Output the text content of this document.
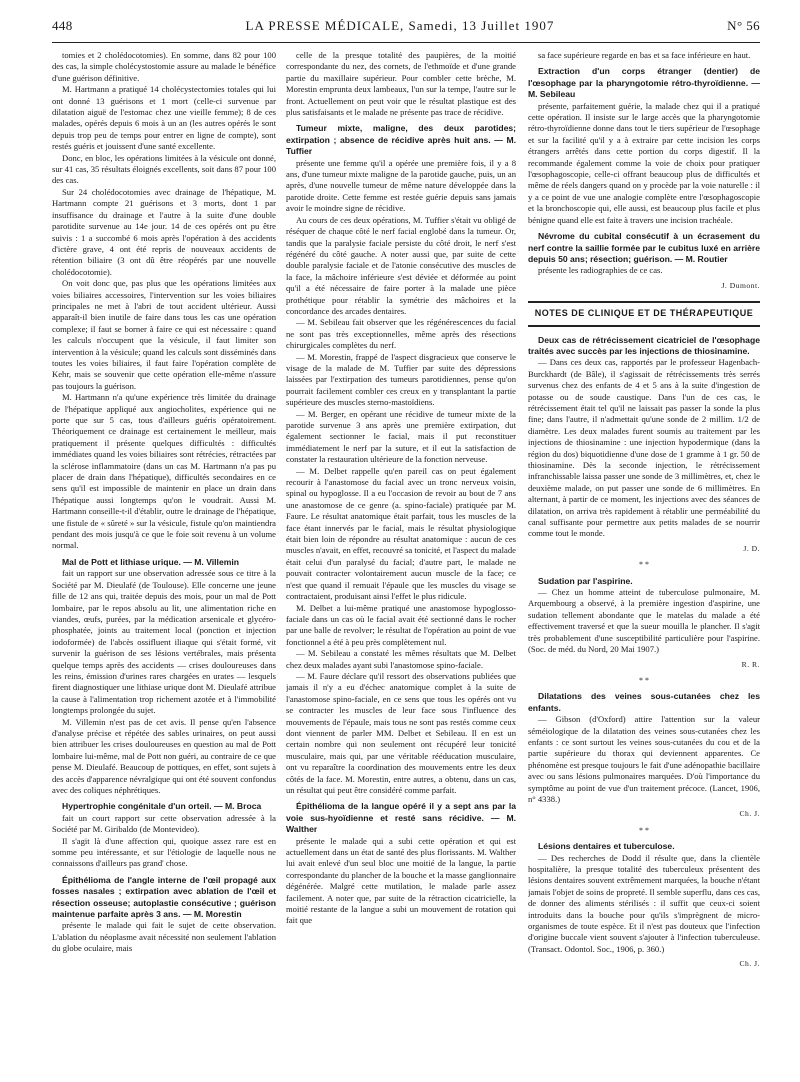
448	LA PRESSE MÉDICALE, Samedi, 13 Juillet 1907	N° 56

tomies et 2 cholédocotomies). En somme, dans 82 pour 100 des cas, la simple cholécystostomie assure au malade le bénéfice d'une guérison définitive.

M. Hartmann a pratiqué 14 cholécystectomies totales qui lui ont donné 13 guérisons et 1 mort (celle-ci survenue par dilatation aiguë de l'estomac chez une vieille femme); 8 de ces malades, opérés depuis 6 mois à un an (les autres opérés le sont depuis trop peu de temps pour entrer en ligne de compte), sont restés guéris et jouissent d'une santé excellente.

Donc, en bloc, les opérations limitées à la vésicule ont donné, sur 41 cas, 35 résultats éloignés excellents, soit dans 87 pour 100 des cas.

Sur 24 cholédocotomies avec drainage de l'hépatique, M. Hartmann compte 21 guérisons et 3 morts, dont 1 par insuffisance du drainage et l'autre à la suite d'une double parotidite survenue au 14e jour. 14 de ces opérés ont pu être suivis : 1 a succombé 6 mois après l'opération à des accidents d'ictère grave, 4 ont été repris de nouveaux accidents de rétention biliaire (3 ont dû être réopérés par une nouvelle cholédocotomie).

On voit donc que, pas plus que les opérations limitées aux voies biliaires accessoires, l'intervention sur les voies biliaires principales ne met à l'abri de tout accident ultérieur. Aussi apparaît-il bien inutile de faire dans tous les cas une opération complexe; il faut se borner à faire ce qui est nécessaire : quand les calculs n'occupent que la vésicule, il faut limiter son intervention à la vésicule; quand les calculs sont disséminés dans toutes les voies biliaires, il faut faire l'opération complète de Kehr, mais se souvenir que cette opération elle-même n'assure pas toujours la guérison.

M. Hartmann n'a qu'une expérience très limitée du drainage de l'hépatique appliqué aux angiocholites, expérience qui ne porte que sur 5 cas, tous d'ailleurs guéris opératoirement. Théoriquement ce drainage est certainement le meilleur, mais pratiquement il présente quelques difficultés : difficultés immédiates quand les voies biliaires sont rétrécies, rétractées par la sclérose inflammatoire (dans un cas M. Hartmann n'a pas pu placer de drain dans l'hépatique), difficultés secondaires en ce sens qu'il est impossible de maintenir en place un drain dans l'hépatique aussi longtemps qu'on le voudrait. Aussi M. Hartmann conseille-t-il d'établir, outre le drainage de l'hépatique, une fistule de « sûreté » sur la vésicule, fistule qu'on maintiendra pendant des mois jusqu'à ce que le foie soit revenu à un volume normal.

Mal de Pott et lithiase urique. — M. Villemin

fait un rapport sur une observation adressée sous ce titre à la Société par M. Dieulafé (de Toulouse). Elle concerne une jeune fille de 12 ans qui, traitée depuis des mois, pour un mal de Pott lombaire, par le repos absolu au lit, une alimentation riche en viandes, œufs, purées, par la médication arsenicale et glycéro-phosphatée, joints au traitement local (ponction et injection iodoformée) de l'abcès ossifluent iliaque qui s'était formé, vit survenir la guérison de ses lésions vertébrales, mais présenta quelque temps après des accidents — crises douloureuses dans les reins, émission d'urines rares chargées en urates — lesquels firent diagnostiquer une lithiase urique dont M. Dieulafé attribue la cause à l'alimentation trop richement azotée et à l'immobilité longtemps prolongée du sujet.

M. Villemin n'est pas de cet avis. Il pense qu'en l'absence d'analyse précise et répétée des sables urinaires, on peut aussi bien attribuer les crises douloureuses en question au mal de Pott lombaire lui-même, mal de Pott non guéri, au contraire de ce que pense M. Dieulafé. Beaucoup de pottiques, en effet, sont sujets à des accès d'apparence névralgique qui ont été souvent confondus avec des coliques néphrétiques.

Hypertrophie congénitale d'un orteil. — M. Broca

fait un court rapport sur cette observation adressée à la Société par M. Giribaldo (de Montevideo).

Il s'agit là d'une affection qui, quoique assez rare est en somme peu intéressante, et sur l'étiologie de laquelle nous ne connaissons d'ailleurs pas grand' chose.

Épithélioma de l'angle interne de l'œil propagé aux fosses nasales ; extirpation avec ablation de l'œil et résection osseuse; autoplastie consécutive ; guérison maintenue parfaite après 3 ans. — M. Morestin

présente le malade qui fait le sujet de cette observation. L'ablation du néoplasme avait nécessité non seulement l'ablation du globe oculaire, mais

celle de la presque totalité des paupières, de la moitié correspondante du nez, des cornets, de l'ethmoïde et d'une grande partie du maxillaire supérieur. Pour combler cette brèche, M. Morestin emprunta deux lambeaux, l'un sur la tempe, l'autre sur le front. Actuellement on peut voir que le résultat plastique est des plus satisfaisants et le malade ne présente pas trace de récidive.

Tumeur mixte, maligne, des deux parotides; extirpation ; absence de récidive après huit ans. — M. Tuffier

présente une femme qu'il a opérée une première fois, il y a 8 ans, d'une tumeur mixte maligne de la parotide gauche, puis, un an après, d'une nouvelle tumeur de même nature développée dans la parotide droite. Cette femme est restée guérie depuis sans jamais avoir le moindre signe de récidive.

Au cours de ces deux opérations, M. Tuffier s'était vu obligé de réséquer de chaque côté le nerf facial englobé dans la tumeur. Or, tandis que la paralysie faciale persiste du côté droit, le nerf s'est régénéré du côté gauche. A noter aussi que, par suite de cette double paralysie faciale et de l'atonie consécutive des muscles de la face, la mâchoire inférieure s'est déviée et déformée au point qu'il a été nécessaire de faire porter à la malade une pièce prothétique pour rétablir la symétrie des mâchoires et la concordance des arcades dentaires.

— M. Sebileau fait observer que les régénérescences du facial ne sont pas très exceptionnelles, même après des résections chirurgicales complètes du nerf.

— M. Morestin, frappé de l'aspect disgracieux que conserve le visage de la malade de M. Tuffier par suite des dépressions laissées par l'extirpation des tumeurs parotidiennes, pense qu'on pourrait facilement combler ces creux en y transplantant la partie supérieure des muscles sterno-mastoïdiens.

— M. Berger, en opérant une récidive de tumeur mixte de la parotide survenue 3 ans après une première extirpation, dut également sectionner le facial, mais il put reconstituer immédiatement le nerf par la suture, et il eut la satisfaction de constater la restauration ultérieure de la fonction nerveuse.

— M. Delbet rappelle qu'en pareil cas on peut également recourir à l'anastomose du facial avec un tronc nerveux voisin, spinal ou hypoglosse. Il a eu l'occasion de revoir au bout de 7 ans une anastomose de ce genre (a. spino-faciale) pratiquée par M. Faure. Le résultat anatomique était parfait, tous les muscles de la face étant innervés par le facial, mais le résultat physiologique était bien loin de répondre au résultat anatomique : aucun de ces muscles n'avait, en effet, recouvré sa tonicité, et l'aspect du malade était celui d'un paralysé du facial; d'autre part, le malade ne pouvait contracter volontairement aucun muscle de la face; ce n'est que quand il remuait l'épaule que les muscles du visage se contractaient, produisant ainsi l'effet le plus ridicule.

M. Delbet a lui-même pratiqué une anastomose hypoglosso-faciale dans un cas où le facial avait été sectionné dans le rocher par une balle de revolver; le résultat de l'opération au point de vue fonctionnel a été à peu près complètement nul.

— M. Sebileau a constaté les mêmes résultats que M. Delbet chez deux malades ayant subi l'anastomose spino-faciale.

— M. Faure déclare qu'il ressort des observations publiées que jamais il n'y a eu d'échec anatomique complet à la suite de l'anastomose spino-faciale, en ce sens que tous les opérés ont vu se contracter les muscles de leur face sous l'influence des mouvements de l'épaule, mais tous ne sont pas restés comme ceux dont viennent de parler MM. Delbet et Sebileau. Il en est un certain nombre qui non seulement ont récupéré leur tonicité musculaire, mais qui, par une véritable rééducation musculaire, ont vu reparaître la coordination des mouvements entre les deux côtés de la face. M. Morestin, entre autres, a obtenu, dans un cas, un résultat qui peut être considéré comme parfait.

Épithélioma de la langue opéré il y a sept ans par la voie sus-hyoïdienne et resté sans récidive. — M. Walther

présente le malade qui a subi cette opération et qui est actuellement dans un état de santé des plus florissants. M. Walther lui avait enlevé d'un seul bloc une moitié de la langue, la partie correspondante du plancher de la bouche et la masse ganglionnaire dégénérée. Malgré cette mutilation, le malade parle assez facilement. A noter que, par suite de la rétraction cicatricielle, la moitié restante de la langue a subi un mouvement de rotation qui fait que

sa face supérieure regarde en bas et sa face inférieure en haut.

Extraction d'un corps étranger (dentier) de l'œsophage par la pharyngotomie rétro-thyroïdienne. — M. Sebileau

présente, parfaitement guérie, la malade chez qui il a pratiqué cette opération. Il insiste sur le large accès que la pharyngotomie rétro-thyroïdienne donne dans tout le tiers supérieur de l'œsophage et sur la facilité qu'il y a à extraire par cette incision les corps étrangers arrêtés dans cette portion du corps digestif. Il la recommande également comme la voie de choix pour pratiquer l'œsophagoscopie, celle-ci offrant beaucoup plus de difficultés et même de réels dangers quand on y procède par la voie naturelle : il y a ce point de vue une analogie complète entre l'œsophagoscopie et la bronchoscopie qui, elle aussi, est beaucoup plus facile et plus bénigne quand elle est faite à travers une incision trachéale.

Névrome du cubital consécutif à un écrasement du nerf contre la saillie formée par le cubitus luxé en arrière depuis 50 ans; résection; guérison. — M. Routier

présente les radiographies de ce cas.

J. Dumont.

NOTES DE CLINIQUE ET DE THÉRAPEUTIQUE

Deux cas de rétrécissement cicatriciel de l'œsophage traités avec succès par les injections de thiosinamine.

— Dans ces deux cas, rapportés par le professeur Hagenbach-Burckhardt (de Bâle), il s'agissait de rétrécissements très serrés survenus chez des enfants de 4 et 5 ans à la suite d'ingestion de potasse ou de soude caustique. Dans l'un de ces cas, le rétrécissement était tel qu'il ne laissait pas passer la sonde la plus fine; dans l'autre, il n'admettait qu'une sonde de 2 millim. 1/2 de diamètre. Les deux malades furent soumis au traitement par les injections de thiosinamine : une injection hypodermique (dans la région du dos) biquotidienne d'une dose de 1 gramme à 1 gr. 50 de thiosinamine. Dès la seconde injection, le rétrécissement infranchissable laissa passer une sonde de 3 millimètres, et, chez le deuxième malade, on put passer une sonde de 6 millimètres. En alternant, à partir de ce moment, les injections avec des séances de dilatation, on arriva très rapidement à rétablir une perméabilité du canal suffisante pour permettre aux petits malades de se nourrir comme tout le monde.

J. D.

* *

Sudation par l'aspirine.

— Chez un homme atteint de tuberculose pulmonaire, M. Arquembourg a observé, à la première ingestion d'aspirine, une sudation tellement abondante que le matelas du malade a été effectivement traversé et que la sueur mouilla le plancher. Il s'agit très probablement d'une susceptibilité particulière pour l'aspirine. (Soc. de méd. du Nord, 20 Mai 1907.)

R. R.

* *

Dilatations des veines sous-cutanées chez les enfants.

— Gibson (d'Oxford) attire l'attention sur la valeur séméiologique de la dilatation des veines sous-cutanées chez les enfants : ce sont surtout les veines sous-cutanées du cou et de la partie supérieure du thorax qui deviennent apparentes. Ce phénomène est presque toujours le fait d'une adénopathie bacillaire avec ou sans lésions pulmonaires marquées. D'où l'importance du symptôme au point de vue d'un traitement précoce. (Lancet, 1906, n° 4338.)

Ch. J.

* *

Lésions dentaires et tuberculose.

— Des recherches de Dodd il résulte que, dans la clientèle hospitalière, la presque totalité des tuberculeux présentent des lésions dentaires souvent extrêmement marquées, la bouche n'étant jamais l'objet de soins de propreté. Il semble superflu, dans ces cas, de donner des aliments stérilisés : il suffit que ceux-ci soient introduits dans la bouche pour qu'ils s'imprègnent de micro-organismes de toute espèce. Et il n'est pas douteux que l'infection d'origine buccale vient souvent s'ajouter à l'infection tuberculeuse. (Transact. Odontol. Soc., 1906, p. 360.)

Ch. J.
